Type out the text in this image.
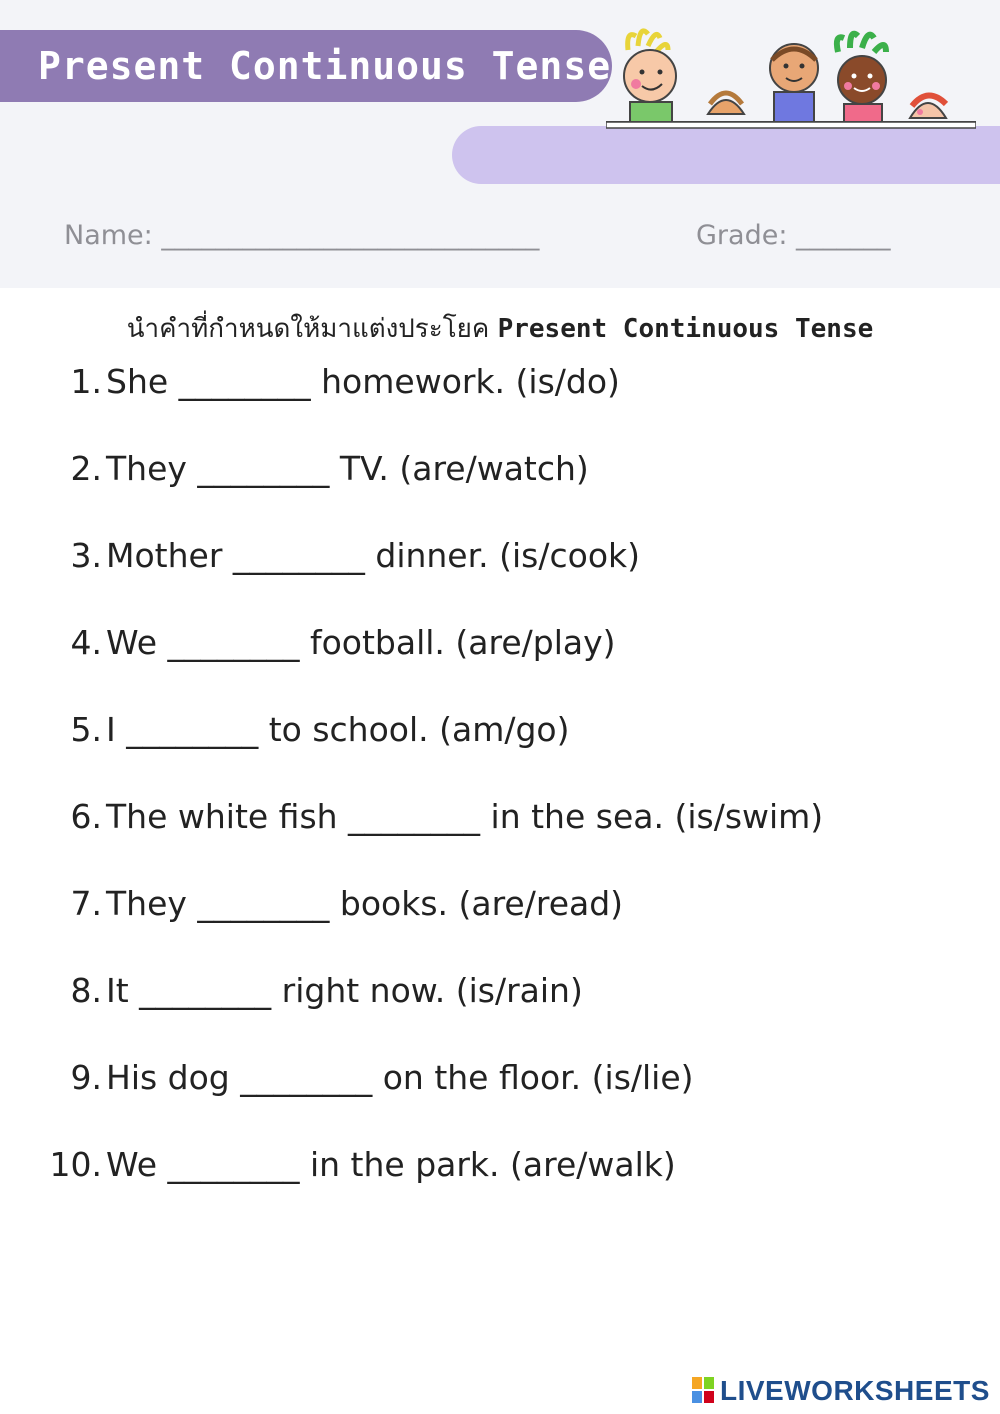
Present Continuous Tense
Name: ____________________________	Grade: _______
นำคำที่กำหนดให้มาแต่งประโยค Present Continuous Tense
1. She ________ homework. (is/do)
2. They ________ TV. (are/watch)
3. Mother ________ dinner. (is/cook)
4. We ________ football. (are/play)
5. I ________ to school. (am/go)
6. The white fish ________ in the sea. (is/swim)
7. They ________ books. (are/read)
8. It ________ right now. (is/rain)
9. His dog ________ on the floor. (is/lie)
10. We ________ in the park. (are/walk)
LIVEWORKSHEETS
